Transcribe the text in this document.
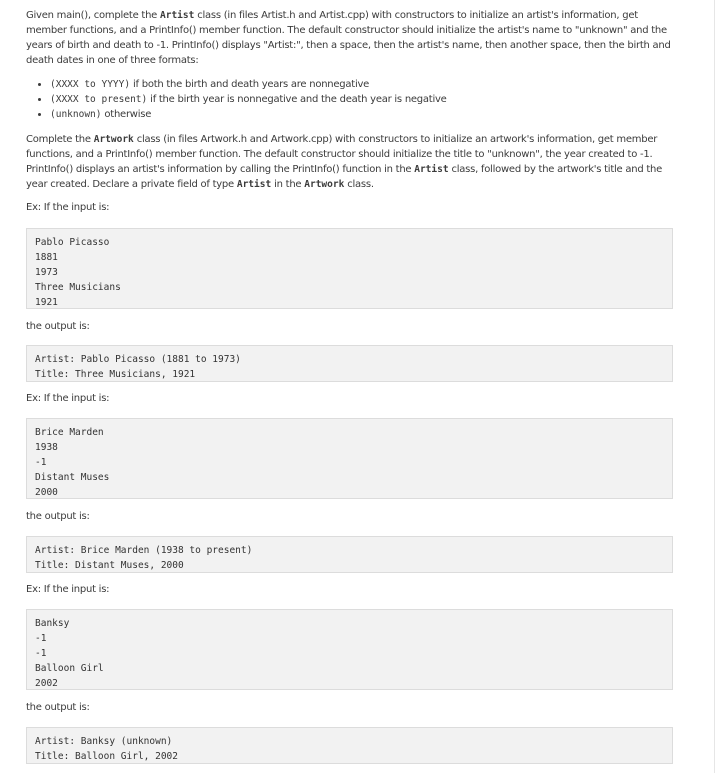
Given main(), complete the Artist class (in files Artist.h and Artist.cpp) with constructors to initialize an artist's information, get member functions, and a PrintInfo() member function. The default constructor should initialize the artist's name to "unknown" and the years of birth and death to -1. PrintInfo() displays "Artist:", then a space, then the artist's name, then another space, then the birth and death dates in one of three formats:

• (XXXX to YYYY) if both the birth and death years are nonnegative
• (XXXX to present) if the birth year is nonnegative and the death year is negative
• (unknown) otherwise

Complete the Artwork class (in files Artwork.h and Artwork.cpp) with constructors to initialize an artwork's information, get member functions, and a PrintInfo() member function. The default constructor should initialize the title to "unknown", the year created to -1. PrintInfo() displays an artist's information by calling the PrintInfo() function in the Artist class, followed by the artwork's title and the year created. Declare a private field of type Artist in the Artwork class.

Ex: If the input is:

Pablo Picasso
1881
1973
Three Musicians
1921

the output is:

Artist: Pablo Picasso (1881 to 1973)
Title: Three Musicians, 1921

Ex: If the input is:

Brice Marden
1938
-1
Distant Muses
2000

the output is:

Artist: Brice Marden (1938 to present)
Title: Distant Muses, 2000

Ex: If the input is:

Banksy
-1
-1
Balloon Girl
2002

the output is:

Artist: Banksy (unknown)
Title: Balloon Girl, 2002
